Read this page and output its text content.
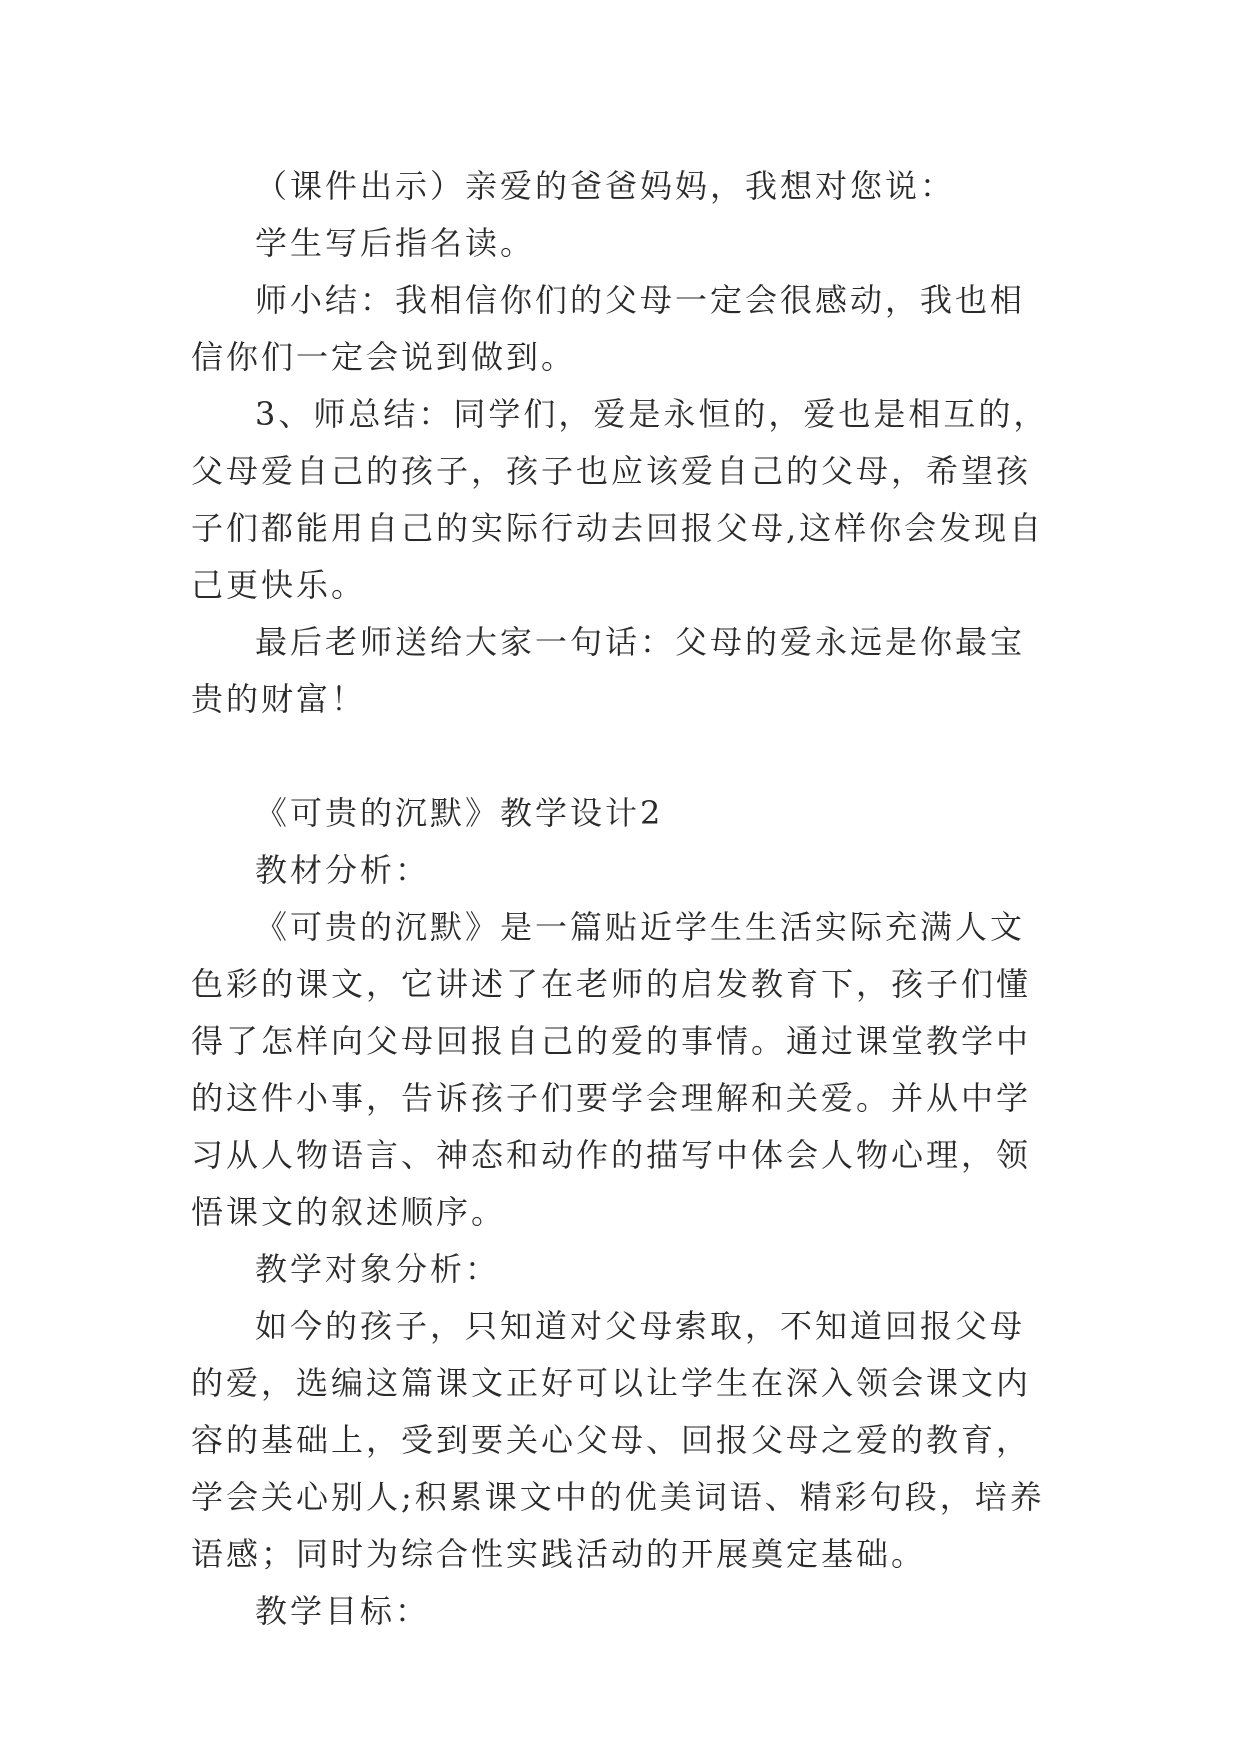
（课件出示）亲爱的爸爸妈妈，我想对您说：

学生写后指名读。

师小结：我相信你们的父母一定会很感动，我也相信你们一定会说到做到。

3、师总结：同学们，爱是永恒的，爱也是相互的，父母爱自己的孩子，孩子也应该爱自己的父母，希望孩子们都能用自己的实际行动去回报父母,这样你会发现自己更快乐。

最后老师送给大家一句话：父母的爱永远是你最宝贵的财富！

《可贵的沉默》教学设计2

教材分析：

《可贵的沉默》是一篇贴近学生生活实际充满人文色彩的课文，它讲述了在老师的启发教育下，孩子们懂得了怎样向父母回报自己的爱的事情。通过课堂教学中的这件小事，告诉孩子们要学会理解和关爱。并从中学习从人物语言、神态和动作的描写中体会人物心理，领悟课文的叙述顺序。

教学对象分析：

如今的孩子，只知道对父母索取，不知道回报父母的爱，选编这篇课文正好可以让学生在深入领会课文内容的基础上，受到要关心父母、回报父母之爱的教育，学会关心别人;积累课文中的优美词语、精彩句段，培养语感；同时为综合性实践活动的开展奠定基础。

教学目标：
